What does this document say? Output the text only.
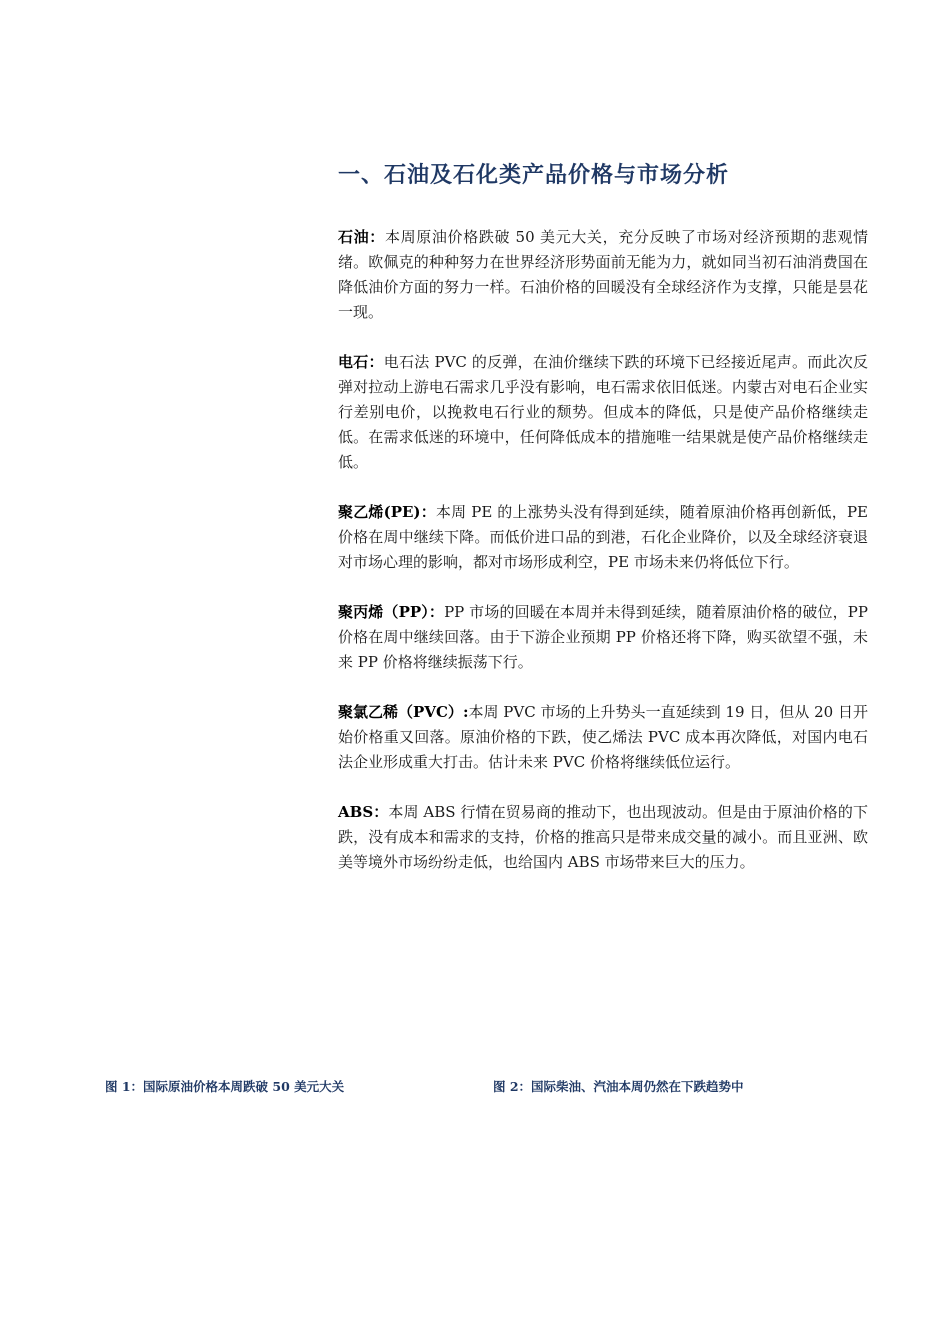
一、石油及石化类产品价格与市场分析

石油：本周原油价格跌破 50 美元大关，充分反映了市场对经济预期的悲观情绪。欧佩克的种种努力在世界经济形势面前无能为力，就如同当初石油消费国在降低油价方面的努力一样。石油价格的回暖没有全球经济作为支撑，只能是昙花一现。

电石：电石法 PVC 的反弹，在油价继续下跌的环境下已经接近尾声。而此次反弹对拉动上游电石需求几乎没有影响，电石需求依旧低迷。内蒙古对电石企业实行差别电价，以挽救电石行业的颓势。但成本的降低，只是使产品价格继续走低。在需求低迷的环境中，任何降低成本的措施唯一结果就是使产品价格继续走低。

聚乙烯(PE)：本周 PE 的上涨势头没有得到延续，随着原油价格再创新低，PE 价格在周中继续下降。而低价进口品的到港，石化企业降价，以及全球经济衰退对市场心理的影响，都对市场形成利空，PE 市场未来仍将低位下行。

聚丙烯（PP）：PP 市场的回暖在本周并未得到延续，随着原油价格的破位，PP 价格在周中继续回落。由于下游企业预期 PP 价格还将下降，购买欲望不强，未来 PP 价格将继续振荡下行。

聚氯乙稀（PVC）:本周 PVC 市场的上升势头一直延续到 19 日，但从 20 日开始价格重又回落。原油价格的下跌，使乙烯法 PVC 成本再次降低，对国内电石法企业形成重大打击。估计未来 PVC 价格将继续低位运行。

ABS：本周 ABS 行情在贸易商的推动下，也出现波动。但是由于原油价格的下跌，没有成本和需求的支持，价格的推高只是带来成交量的减小。而且亚洲、欧美等境外市场纷纷走低，也给国内 ABS 市场带来巨大的压力。

图 1：国际原油价格本周跌破 50 美元大关	图 2：国际柴油、汽油本周仍然在下跌趋势中
